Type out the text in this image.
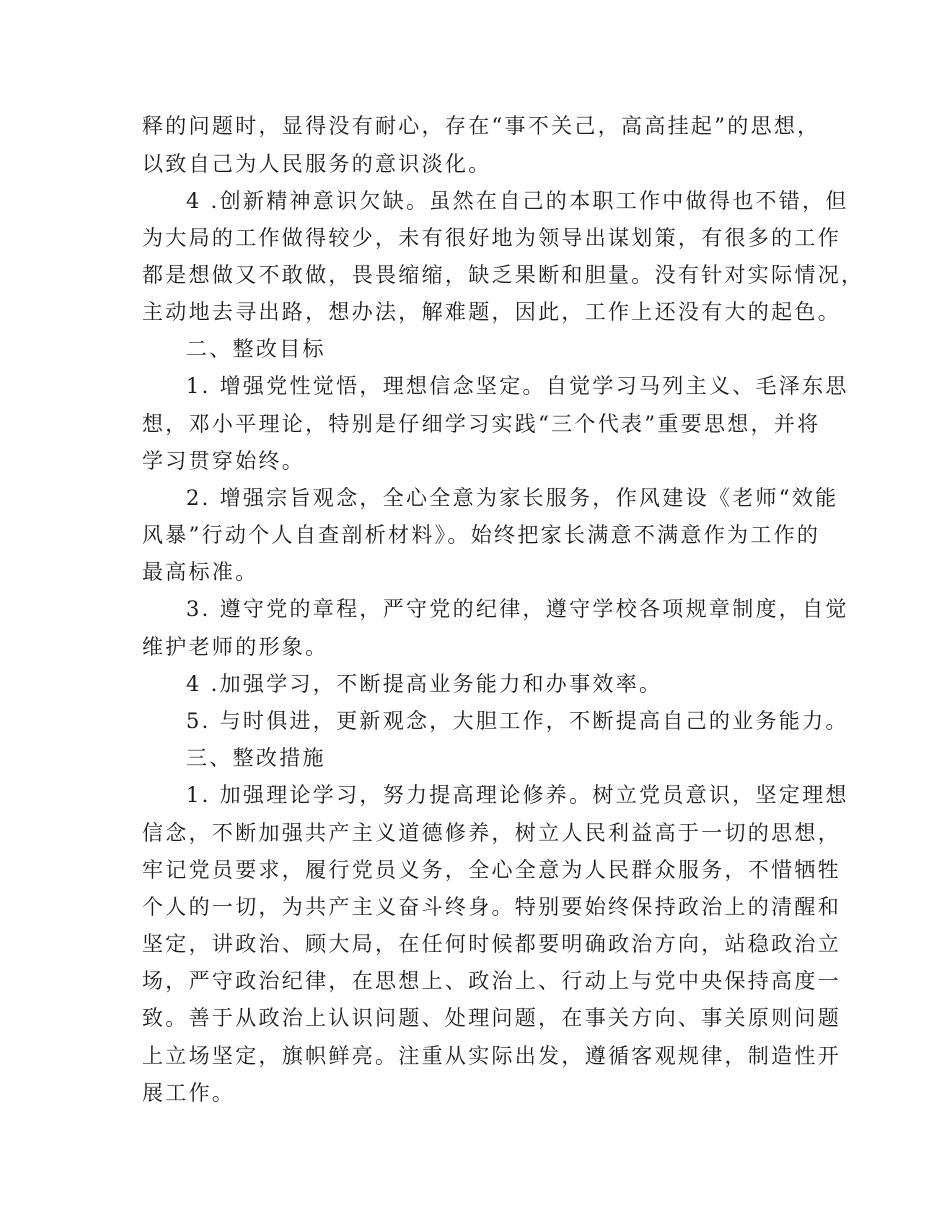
释的问题时，显得没有耐心，存在“事不关己，高高挂起”的思想，
以致自己为人民服务的意识淡化。
4 .创新精神意识欠缺。虽然在自己的本职工作中做得也不错，但
为大局的工作做得较少，未有很好地为领导出谋划策，有很多的工作
都是想做又不敢做，畏畏缩缩，缺乏果断和胆量。没有针对实际情况，
主动地去寻出路，想办法，解难题，因此，工作上还没有大的起色。
二、整改目标
1. 增强党性觉悟，理想信念坚定。自觉学习马列主义、毛泽东思
想，邓小平理论，特别是仔细学习实践“三个代表”重要思想，并将
学习贯穿始终。
2. 增强宗旨观念，全心全意为家长服务，作风建设《老师“效能
风暴”行动个人自查剖析材料》。始终把家长满意不满意作为工作的
最高标准。
3. 遵守党的章程，严守党的纪律，遵守学校各项规章制度，自觉
维护老师的形象。
4 .加强学习，不断提高业务能力和办事效率。
5. 与时俱进，更新观念，大胆工作，不断提高自己的业务能力。
三、整改措施
1. 加强理论学习，努力提高理论修养。树立党员意识，坚定理想
信念，不断加强共产主义道德修养，树立人民利益高于一切的思想，
牢记党员要求，履行党员义务，全心全意为人民群众服务，不惜牺牲
个人的一切，为共产主义奋斗终身。特别要始终保持政治上的清醒和
坚定，讲政治、顾大局，在任何时候都要明确政治方向，站稳政治立
场，严守政治纪律，在思想上、政治上、行动上与党中央保持高度一
致。善于从政治上认识问题、处理问题，在事关方向、事关原则问题
上立场坚定，旗帜鲜亮。注重从实际出发，遵循客观规律，制造性开
展工作。
